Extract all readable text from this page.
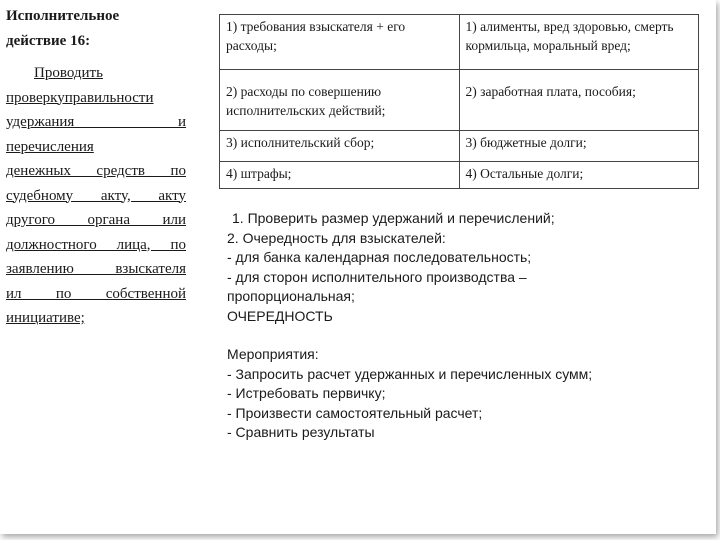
Исполнительное
действие 16:
Проводить
проверкуправильности
удержания и
перечисления
денежных средств по
судебному акту, акту
другого органа или
должностного лица, по
заявлению взыскателя
ил по собственной
инициативе;
1) требования взыскателя + его расходы;	1) алименты, вред здоровью, смерть кормильца, моральный вред;

2) расходы по совершению исполнительских действий;	2) заработная плата, пособия;

3) исполнительский сбор;	3) бюджетные долги;
4) штрафы;	4) Остальные долги;
1. Проверить размер удержаний и перечислений;
2. Очередность для взыскателей:
- для банка календарная последовательность;
- для сторон исполнительного производства –
пропорциональная;
ОЧЕРЕДНОСТЬ
Мероприятия:
- Запросить расчет удержанных и перечисленных сумм;
- Истребовать первичку;
- Произвести самостоятельный расчет;
- Сравнить результаты
